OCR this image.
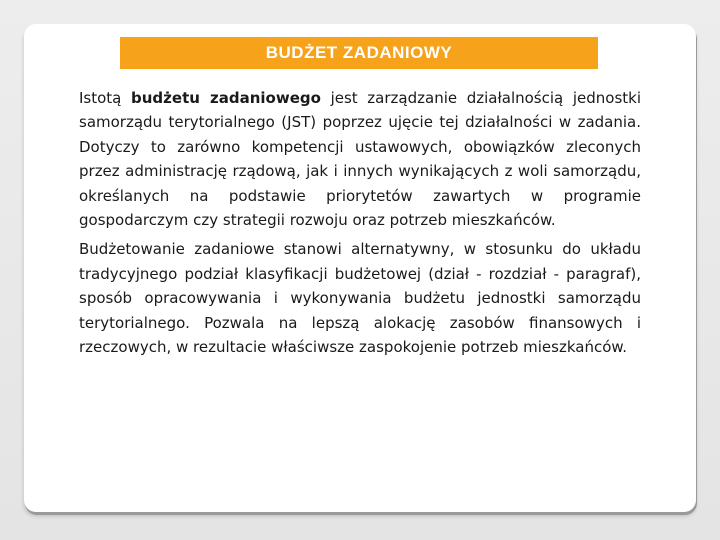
BUDŻET ZADANIOWY

Istotą budżetu zadaniowego jest zarządzanie działalnością jednostki samorządu terytorialnego (JST) poprzez ujęcie tej działalności w zadania. Dotyczy to zarówno kompetencji ustawowych, obowiązków zleconych przez administrację rządową, jak i innych wynikających z woli samorządu, określanych na podstawie priorytetów zawartych w programie gospodarczym czy strategii rozwoju oraz potrzeb mieszkańców.

Budżetowanie zadaniowe stanowi alternatywny, w stosunku do układu tradycyjnego podział klasyfikacji budżetowej (dział - rozdział - paragraf), sposób opracowywania i wykonywania budżetu jednostki samorządu terytorialnego. Pozwala na lepszą alokację zasobów finansowych i rzeczowych, w rezultacie właściwsze zaspokojenie potrzeb mieszkańców.
